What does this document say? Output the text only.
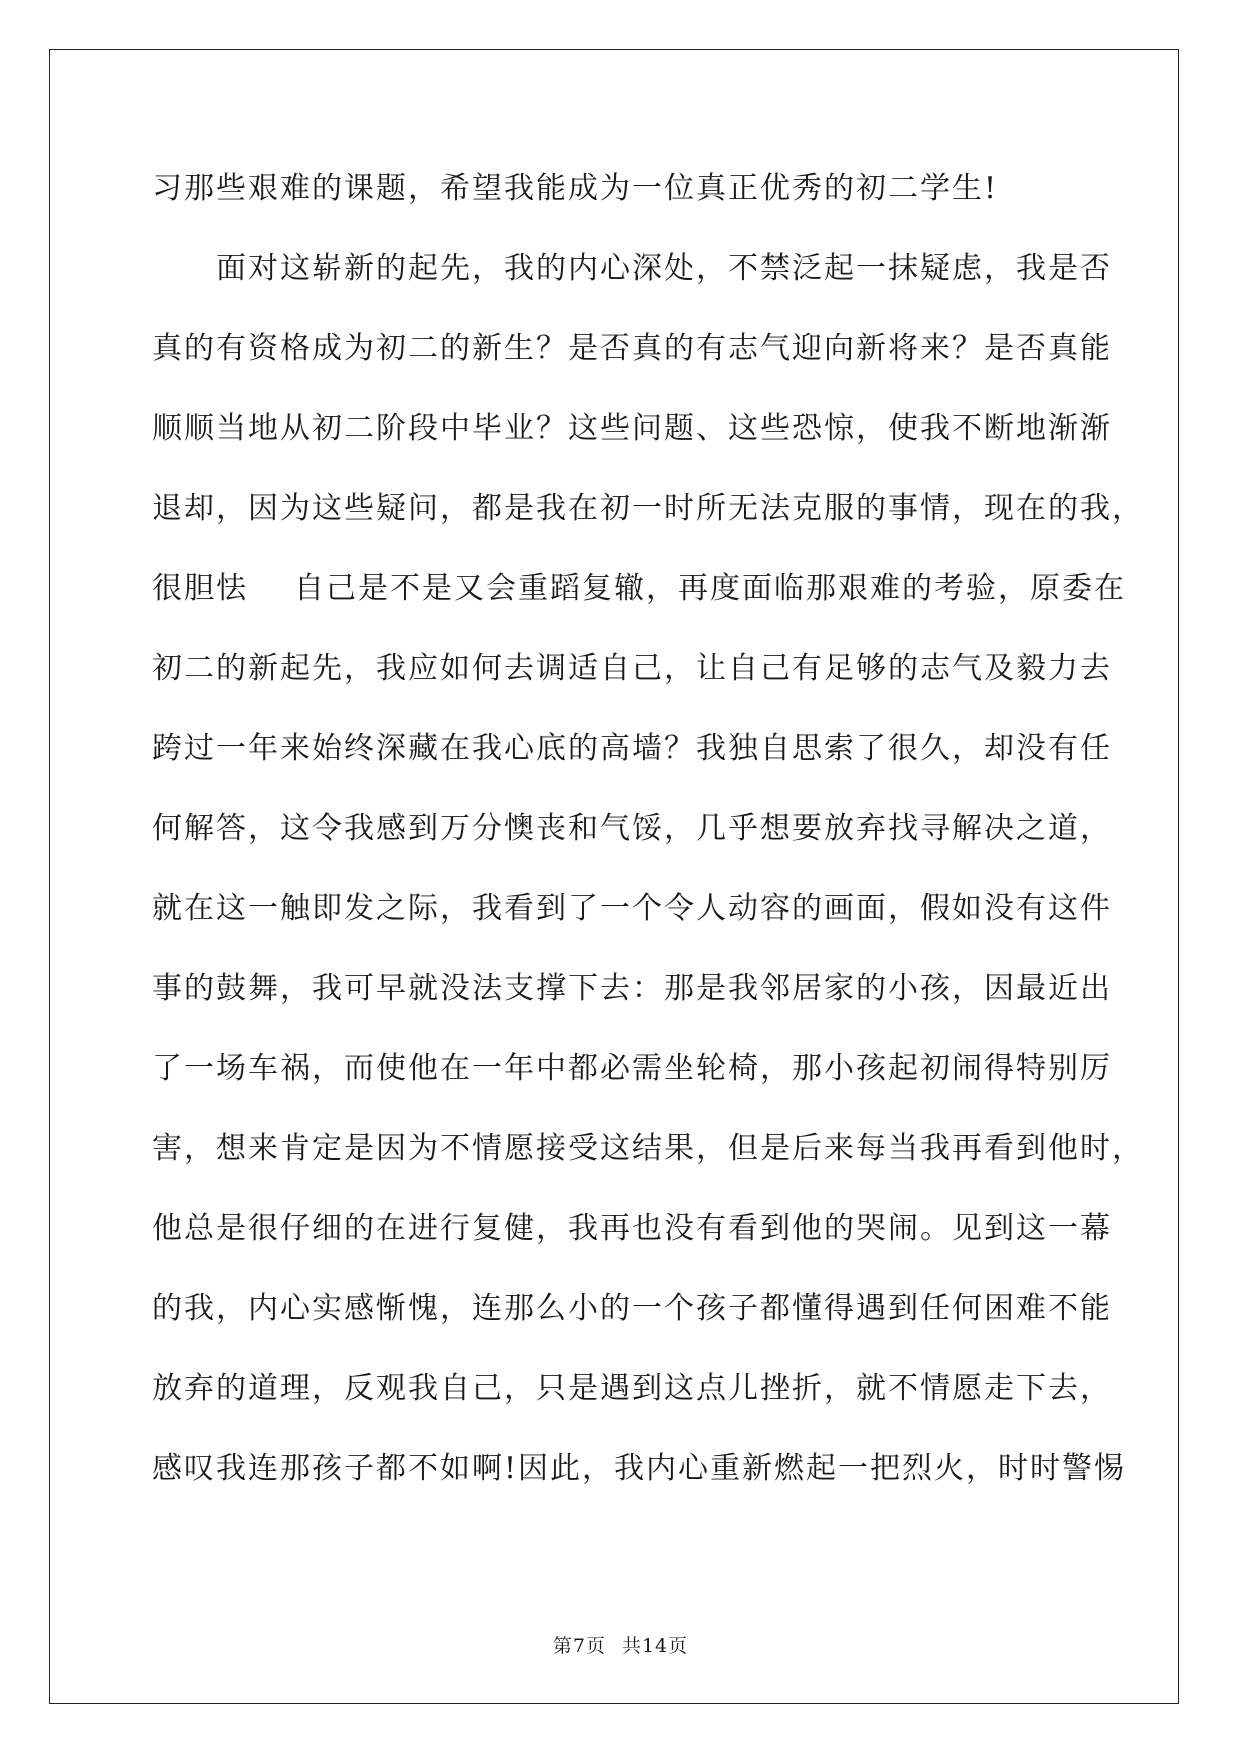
习那些艰难的课题，希望我能成为一位真正优秀的初二学生!
　　面对这崭新的起先，我的内心深处，不禁泛起一抹疑虑，我是否
真的有资格成为初二的新生？是否真的有志气迎向新将来？是否真能
顺顺当地从初二阶段中毕业？这些问题、这些恐惊，使我不断地渐渐
退却，因为这些疑问，都是我在初一时所无法克服的事情，现在的我，
很胆怯 自己是不是又会重蹈复辙，再度面临那艰难的考验，原委在
初二的新起先，我应如何去调适自己，让自己有足够的志气及毅力去
跨过一年来始终深藏在我心底的高墙？我独自思索了很久，却没有任
何解答，这令我感到万分懊丧和气馁，几乎想要放弃找寻解决之道，
就在这一触即发之际，我看到了一个令人动容的画面，假如没有这件
事的鼓舞，我可早就没法支撑下去：那是我邻居家的小孩，因最近出
了一场车祸，而使他在一年中都必需坐轮椅，那小孩起初闹得特别厉
害，想来肯定是因为不情愿接受这结果，但是后来每当我再看到他时，
他总是很仔细的在进行复健，我再也没有看到他的哭闹。见到这一幕
的我，内心实感惭愧，连那么小的一个孩子都懂得遇到任何困难不能
放弃的道理，反观我自己，只是遇到这点儿挫折，就不情愿走下去，
感叹我连那孩子都不如啊!因此，我内心重新燃起一把烈火，时时警惕
第7页 共14页
